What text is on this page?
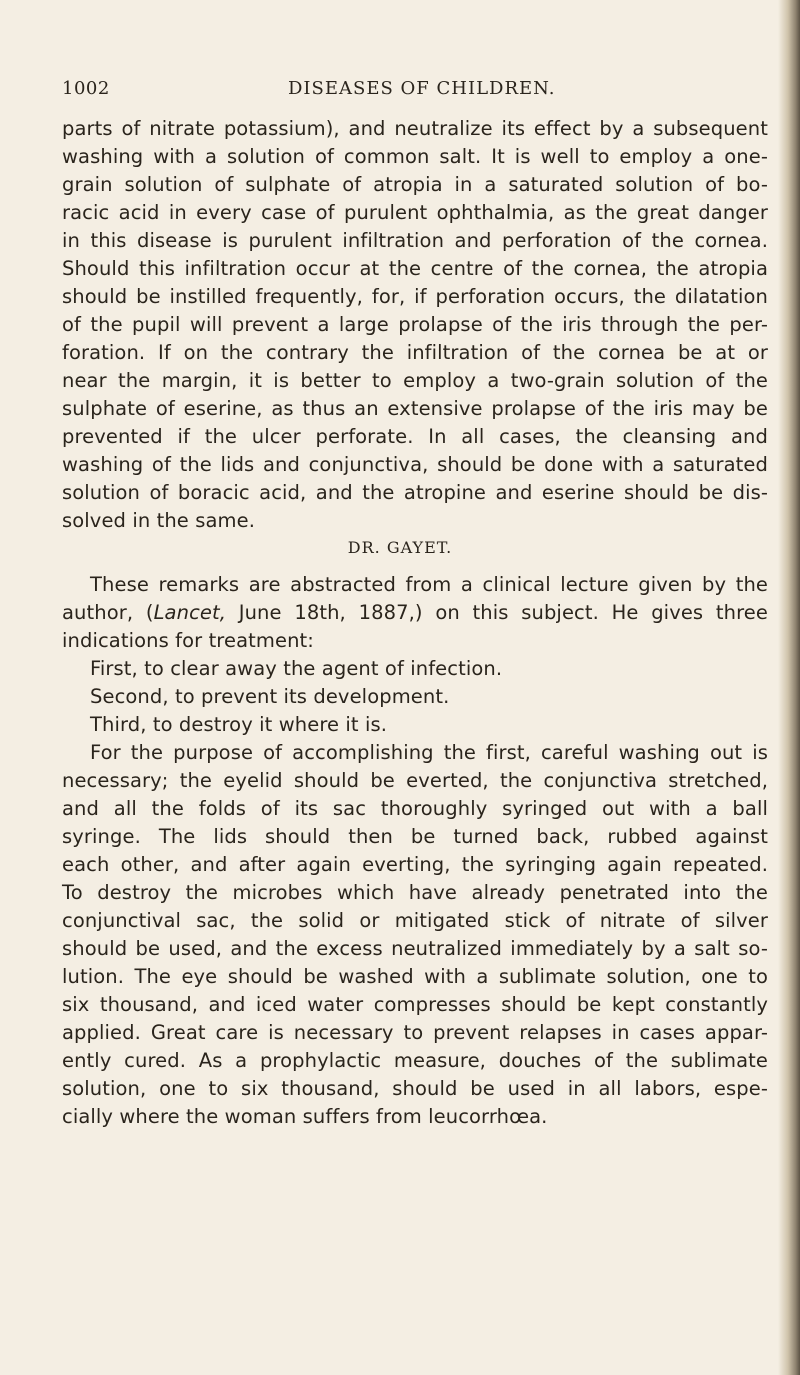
1002	DISEASES OF CHILDREN.

parts of nitrate potassium), and neutralize its effect by a subsequent

washing with a solution of common salt. It is well to employ a one-

grain solution of sulphate of atropia in a saturated solution of bo-

racic acid in every case of purulent ophthalmia, as the great danger

in this disease is purulent infiltration and perforation of the cornea.

Should this infiltration occur at the centre of the cornea, the atropia

should be instilled frequently, for, if perforation occurs, the dilatation

of the pupil will prevent a large prolapse of the iris through the per-

foration. If on the contrary the infiltration of the cornea be at or

near the margin, it is better to employ a two-grain solution of the

sulphate of eserine, as thus an extensive prolapse of the iris may be

prevented if the ulcer perforate. In all cases, the cleansing and

washing of the lids and conjunctiva, should be done with a saturated

solution of boracic acid, and the atropine and eserine should be dis-

solved in the same.

DR. GAYET.

These remarks are abstracted from a clinical lecture given by the

author, (Lancet, June 18th, 1887,) on this subject. He gives three

indications for treatment:

First, to clear away the agent of infection.

Second, to prevent its development.

Third, to destroy it where it is.

For the purpose of accomplishing the first, careful washing out is

necessary; the eyelid should be everted, the conjunctiva stretched,

and all the folds of its sac thoroughly syringed out with a ball

syringe. The lids should then be turned back, rubbed against

each other, and after again everting, the syringing again repeated.

To destroy the microbes which have already penetrated into the

conjunctival sac, the solid or mitigated stick of nitrate of silver

should be used, and the excess neutralized immediately by a salt so-

lution. The eye should be washed with a sublimate solution, one to

six thousand, and iced water compresses should be kept constantly

applied. Great care is necessary to prevent relapses in cases appar-

ently cured. As a prophylactic measure, douches of the sublimate

solution, one to six thousand, should be used in all labors, espe-

cially where the woman suffers from leucorrhœa.
